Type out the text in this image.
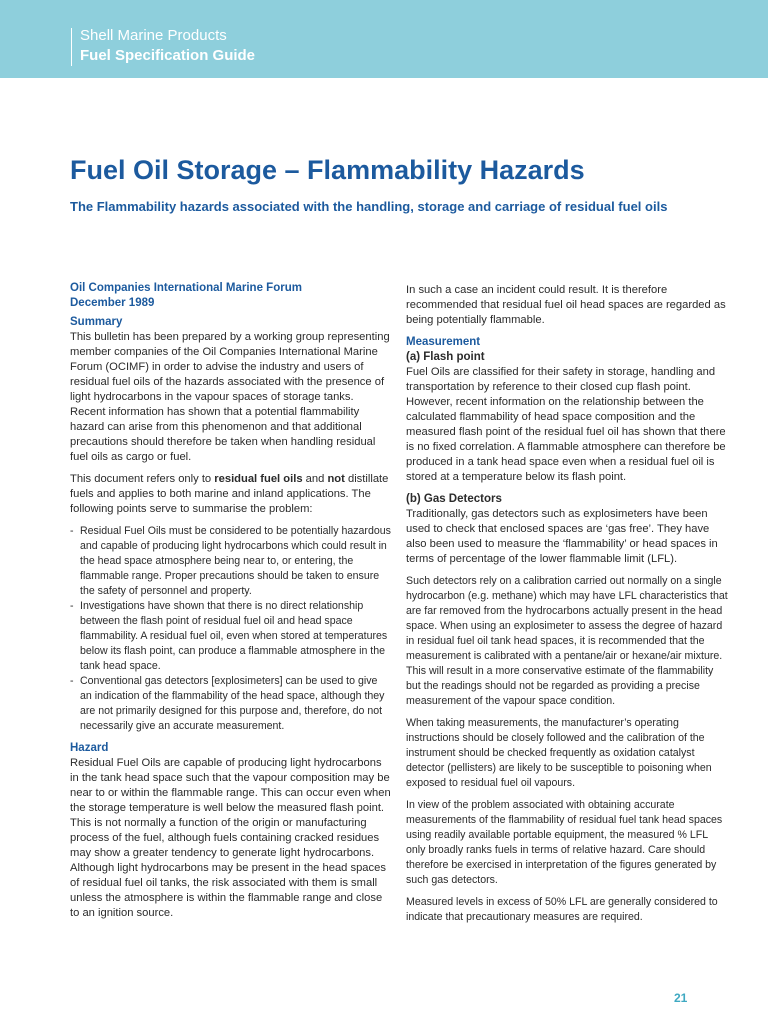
Shell Marine Products
Fuel Specification Guide
Fuel Oil Storage – Flammability Hazards

The Flammability hazards associated with the handling, storage and carriage of residual fuel oils

Oil Companies International Marine Forum

December 1989

Summary

This bulletin has been prepared by a working group representing member companies of the Oil Companies International Marine Forum (OCIMF) in order to advise the industry and users of residual fuel oils of the hazards associated with the presence of light hydrocarbons in the vapour spaces of storage tanks. Recent information has shown that a potential flammability hazard can arise from this phenomenon and that additional precautions should therefore be taken when handling residual fuel oils as cargo or fuel.

This document refers only to residual fuel oils and not distillate fuels and applies to both marine and inland applications. The following points serve to summarise the problem:

- Residual Fuel Oils must be considered to be potentially hazardous and capable of producing light hydrocarbons which could result in the head space atmosphere being near to, or entering, the flammable range. Proper precautions should be taken to ensure the safety of personnel and property.
- Investigations have shown that there is no direct relationship between the flash point of residual fuel oil and head space flammability. A residual fuel oil, even when stored at temperatures below its flash point, can produce a flammable atmosphere in the tank head space.
- Conventional gas detectors [explosimeters] can be used to give an indication of the flammability of the head space, although they are not primarily designed for this purpose and, therefore, do not necessarily give an accurate measurement.

Hazard

Residual Fuel Oils are capable of producing light hydrocarbons in the tank head space such that the vapour composition may be near to or within the flammable range. This can occur even when the storage temperature is well below the measured flash point. This is not normally a function of the origin or manufacturing process of the fuel, although fuels containing cracked residues may show a greater tendency to generate light hydrocarbons. Although light hydrocarbons may be present in the head spaces of residual fuel oil tanks, the risk associated with them is small unless the atmosphere is within the flammable range and close to an ignition source.

In such a case an incident could result. It is therefore recommended that residual fuel oil head spaces are regarded as being potentially flammable.

Measurement

(a) Flash point

Fuel Oils are classified for their safety in storage, handling and transportation by reference to their closed cup flash point. However, recent information on the relationship between the calculated flammability of head space composition and the measured flash point of the residual fuel oil has shown that there is no fixed correlation. A flammable atmosphere can therefore be produced in a tank head space even when a residual fuel oil is stored at a temperature below its flash point.

(b) Gas Detectors

Traditionally, gas detectors such as explosimeters have been used to check that enclosed spaces are ‘gas free’. They have also been used to measure the ‘flammability’ or head spaces in terms of percentage of the lower flammable limit (LFL).

Such detectors rely on a calibration carried out normally on a single hydrocarbon (e.g. methane) which may have LFL characteristics that are far removed from the hydrocarbons actually present in the head space. When using an explosimeter to assess the degree of hazard in residual fuel oil tank head spaces, it is recommended that the measurement is calibrated with a pentane/air or hexane/air mixture. This will result in a more conservative estimate of the flammability but the readings should not be regarded as providing a precise measurement of the vapour space condition.

When taking measurements, the manufacturer’s operating instructions should be closely followed and the calibration of the instrument should be checked frequently as oxidation catalyst detector (pellisters) are likely to be susceptible to poisoning when exposed to residual fuel oil vapours.

In view of the problem associated with obtaining accurate measurements of the flammability of residual fuel tank head spaces using readily available portable equipment, the measured % LFL only broadly ranks fuels in terms of relative hazard. Care should therefore be exercised in interpretation of the figures generated by such gas detectors.

Measured levels in excess of 50% LFL are generally considered to indicate that precautionary measures are required.

21
